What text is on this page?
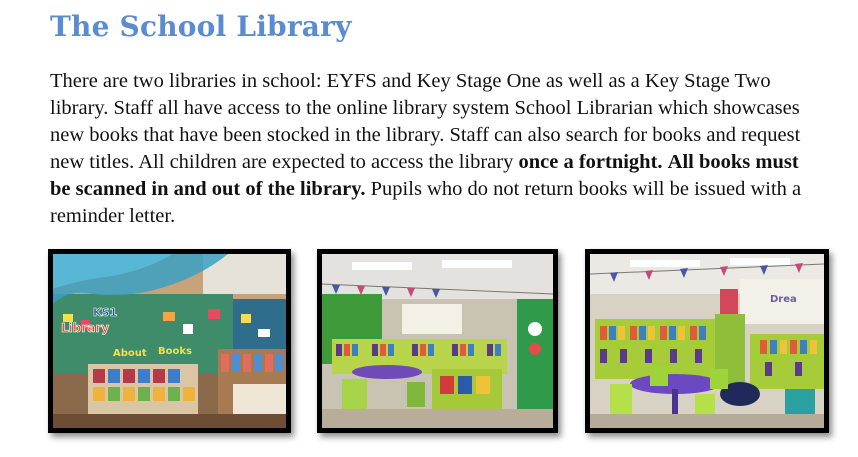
The School Library

There are two libraries in school: EYFS and Key Stage One as well as a Key Stage Two library. Staff all have access to the online library system School Librarian which showcases new books that have been stocked in the library. Staff can also search for books and request new titles. All children are expected to access the library once a fortnight. All books must be scanned in and out of the library. Pupils who do not return books will be issued with a reminder letter.

KS1
Library
About Books
Drea
